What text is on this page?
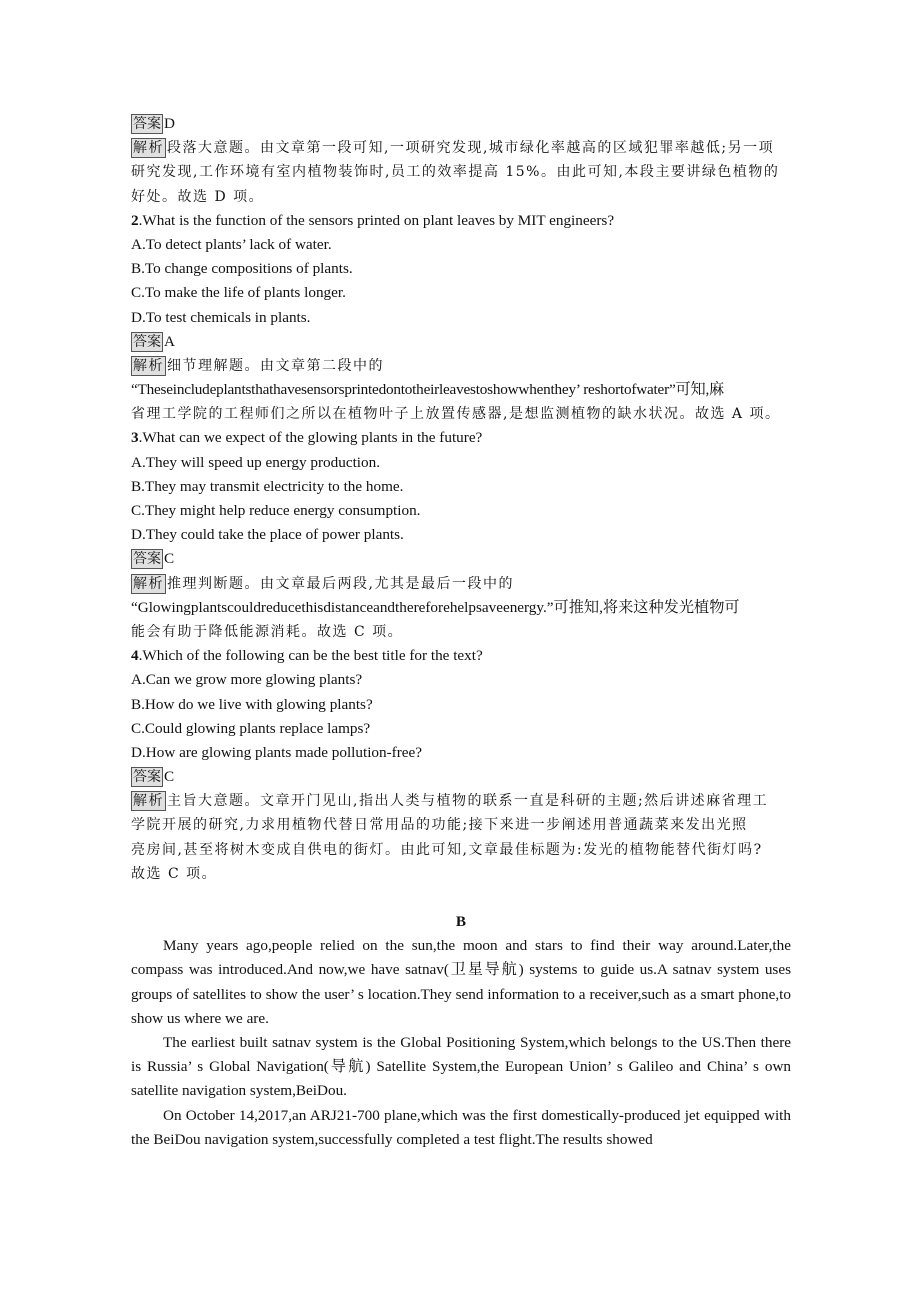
答案 D
解析 段落大意题。由文章第一段可知,一项研究发现,城市绿化率越高的区域犯罪率越低;另一项
研究发现,工作环境有室内植物装饰时,员工的效率提高 15%。由此可知,本段主要讲绿色植物的
好处。故选 D 项。
2.What is the function of the sensors printed on plant leaves by MIT engineers?
A.To detect plants’ lack of water.
B.To change compositions of plants.
C.To make the life of plants longer.
D.To test chemicals in plants.
答案 A
解析 细节理解题。由文章第二段中的
“Theseincludeplantsthathavesensorsprintedontotheirleavestoshowwhenthey’ reshortofwater”可知,麻
省理工学院的工程师们之所以在植物叶子上放置传感器,是想监测植物的缺水状况。故选 A 项。
3.What can we expect of the glowing plants in the future?
A.They will speed up energy production.
B.They may transmit electricity to the home.
C.They might help reduce energy consumption.
D.They could take the place of power plants.
答案 C
解析 推理判断题。由文章最后两段,尤其是最后一段中的
“Glowingplantscouldreducethisdistanceandthereforehelpsaveenergy.”可推知,将来这种发光植物可
能会有助于降低能源消耗。故选 C 项。
4.Which of the following can be the best title for the text?
A.Can we grow more glowing plants?
B.How do we live with glowing plants?
C.Could glowing plants replace lamps?
D.How are glowing plants made pollution-free?
答案 C
解析 主旨大意题。文章开门见山,指出人类与植物的联系一直是科研的主题;然后讲述麻省理工
学院开展的研究,力求用植物代替日常用品的功能;接下来进一步阐述用普通蔬菜来发出光照
亮房间,甚至将树木变成自供电的街灯。由此可知,文章最佳标题为:发光的植物能替代街灯吗?
故选 C 项。
B
Many years ago,people relied on the sun,the moon and stars to find their way around.Later,the compass was introduced.And now,we have satnav(卫星导航) systems to guide us.A satnav system uses groups of satellites to show the user’ s location.They send information to a receiver,such as a smart phone,to show us where we are.
The earliest built satnav system is the Global Positioning System,which belongs to the US.Then there is Russia’ s Global Navigation(导航) Satellite System,the European Union’ s Galileo and China’ s own satellite navigation system,BeiDou.
On October 14,2017,an ARJ21-700 plane,which was the first domestically-produced jet equipped with the BeiDou navigation system,successfully completed a test flight.The results showed
